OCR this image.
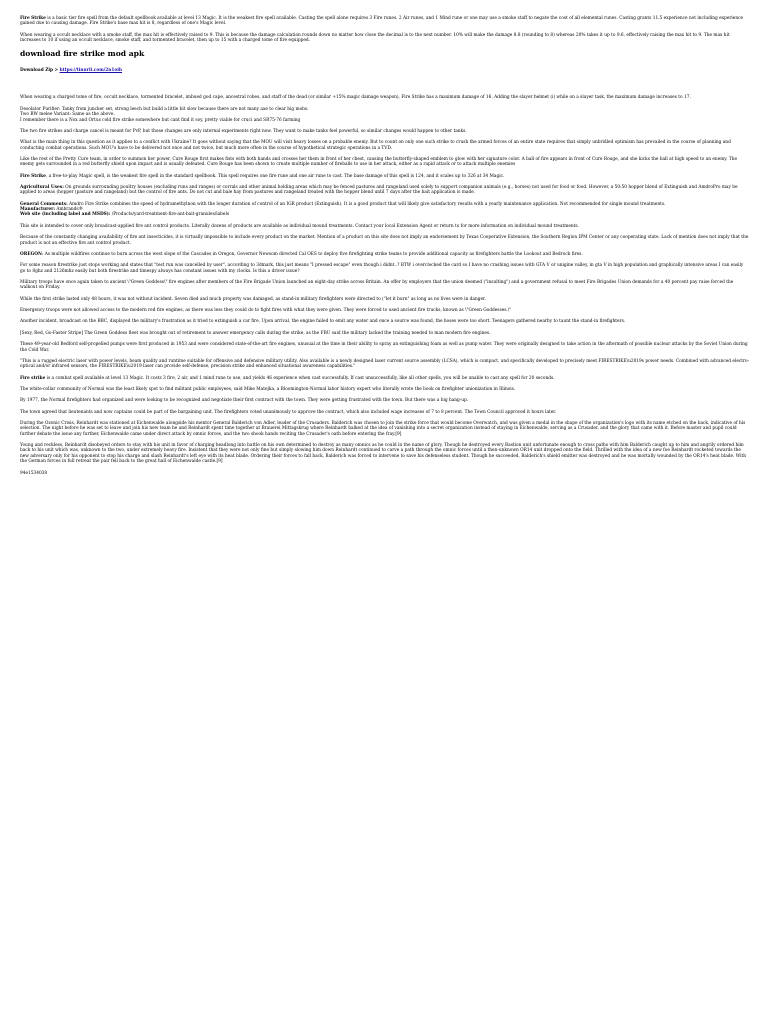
Fire Strike is a basic tier fire spell from the default spellbook available at level 13 Magic. It is the weakest fire spell available. Casting the spell alone requires 3 Fire runes, 2 Air runes, and 1 Mind rune or one may use a smoke staff to negate the cost of all elemental runes. Casting grants 11.5 experience not including experience gained due to causing damage. Fire Strike's base max hit is 8, regardless of one's Magic level.

When wearing a occult necklace with a smoke staff, the max hit is effectively raised to 9. This is because the damage calculation rounds down no matter how close the decimal is to the next number. 10% will make the damage 8.8 (rounding to 8) whereas 20% takes it up to 9.6, effectively raising the max hit to 9. The max hit increases to 10 if using an occult necklace, smoke staff, and tormented bracelet, then up to 15 with a charged tome of fire equipped.

download fire strike mod apk
Download Zip > https://tinurli.com/2n1oih

When wearing a charged tome of fire, occult necklace, tormented bracelet, imbued god cape, ancestral robes, and staff of the dead (or similar +15% magic damage weapon), Fire Strike has a maximum damage of 16. Adding the slayer helmet (i) while on a slayer task, the maximum damage increases to 17.

Desolator Purifier: Tanky from juncker set, strong leech but build a little bit slow because there are not many axe to clear big mobs.
Two BW melee Variant: Same as the above.
I remember there is a Nox and Ortus cold fire strike somewhere but cant find it soy, pretty viable for cruci and SR75-76 farming

The two fire strikes and charge cancel is meant for PvP, but those changes are only internal experiments right now. They want to make tanks feel powerful, so similar changes would happen to other tanks.

What is the main thing in this question as it applies to a conflict with Ukraine? It goes without saying that the MOU will visit heavy losses on a probable enemy. But to count on only one such strike to crush the armed forces of an entire state requires that simply unbridled optimism has prevailed in the course of planning and conducting combat operations. Such MOU's have to be delivered not once and not twice, but much more often in the course of hypothetical strategic operations in a TVD.

Like the rest of the Pretty Cure team, in order to summon her power, Cure Rouge first makes fists with both hands and crosses her them in front of her chest, causing the butterfly-shaped emblem to glow with her signature color. A ball of fire appears in front of Cure Rouge, and she kicks the ball at high speed to an enemy. The enemy gets surrounded in a red butterfly shield upon impact and is usually defeated. Cure Rouge has been shown to create multiple number of fireballs to use in her attack, either as a rapid attack or to attack multiple enemies

Fire Strike, a free-to-play Magic spell, is the weakest fire spell in the standard spellbook. This spell requires one fire rune and one air rune to cast. The base damage of this spell is 124, and it scales up to 326 at 34 Magic.

Agricultural Uses: On grounds surrounding poultry houses (excluding runs and ranges) or corrals and other animal holding areas which may be fenced pastures and rangeland used solely to support companion animals (e.g., horses) not used for food or food. However, a 50:50 hopper blend of Extinguish and AmdroPro may be applied to areas (hopper (pasture and rangeland) but the control of fire ants. Do not cut and bale hay from pastures and rangeland treated with the hopper blend until 7 days after the bait application is made.

General Comments: Amdro Fire Strike combines the speed of hydramethylnon with the longer duration of control of an IGR product (Extinguish). It is a good product that will likely give satisfactory results with a yearly maintenance application. Not recommended for single mound treatments.
Manufacturer: Ambrands®
Web site (including label and MSDS): /Products/yard-treatment-fire-ant-bait-granules/labels

This site is intended to cover only broadcast-applied fire ant control products. Literally dozens of products are available as individual mound treatments. Contact your local Extension Agent or return to for more information on individual mound treatments.

Because of the constantly changing availability of fire ant insecticides, it is virtually impossible to include every product on the market. Mention of a product on this site does not imply an endorsement by Texas Cooperative Extension, the Southern Region IPM Center or any cooperating state. Lack of mention does not imply that the product is not an effective fire ant control product.

OREGON: As multiple wildfires continue to burn across the west slope of the Cascades in Oregon, Governor Newsom directed Cal OES to deploy five firefighting strike teams to provide additional capacity as firefighters battle the Lookout and Bedrock fires.

For some reason firestrike just stops working and states that "test run was cancelled by user". according to 3dmark, this just means "I pressed escape" even though i didnt..? BTW i overclocked the card so I have no crashing issues with GTA V or unigine valley, in gta V in high population and graphically intensive areas I can easily go to 8ghz and 2126mhz easily but both firestrike and timespy always has constant issues with my clocks. Is this a driver issue?

Military troops have once again taken to ancient \"Green Goddess\" fire engines after members of the Fire Brigade Union launched an eight-day strike across Britain. An offer by employers that the union deemed ("insulting") and a government refusal to meet Fire Brigades Union demands for a 40 percent pay raise forced the walkout on Friday.

While the first strike lasted only 48 hours, it was not without incident. Seven died and much property was damaged, as stand-in military firefighters were directed to ("let it burn" as long as no lives were in danger.

Emergency troops were not allowed access to the modern red fire engines, as there was less they could do to fight fires with what they were given. They were forced to used ancient fire trucks, known as \"Green Goddesses.\"

Another incident, broadcast on the BBC, displayed the military's frustration as it tried to extinguish a car fire. Upon arrival, the engine failed to emit any water and once a source was found, the hoses were too short. Teenagers gathered nearby to taunt the stand-in firefighters.

[Sexy, Red, Go-Faster Stripe] The Green Goddess fleet was brought out of retirement to answer emergency calls during the strike, as the FBU said the military lacked the training needed to man modern fire engines.

These 49-year-old Bedford self-propelled pumps were first produced in 1953 and were considered state-of-the-art fire engines, unusual at the time in their ability to spray an extinguishing foam as well as pump water. They were originally designed to take action in the aftermath of possible nuclear attacks by the Soviet Union during the Cold War.

"This is a rugged electric laser with power levels, beam quality and runtime suitable for offensive and defensive military utility. Also available is a newly designed laser current source assembly (LCSA), which is compact, and specifically developed to precisely meet FIRESTRIKE\u2019s power needs. Combined with advanced electro-optical and/or infrared sensors, the FIRESTRIKE\u2019 laser can provide self-defense, precision strike and enhanced situational awareness capabilities."

Fire strike is a combat spell available at level 13 Magic. It costs 3 fire, 2 air, and 1 mind rune to use, and yields 46 experience when cast successfully. If cast unsuccessfully, like all other spells, you will be unable to cast any spell for 20 seconds.

The white-collar community of Normal was the least likely spot to find militant public employees, said Mike Matejka, a Bloomington-Normal labor history expert who literally wrote the book on firefighter unionization in Illinois.

By 1977, the Normal firefighters had organized and were looking to be recognized and negotiate their first contract with the town. They were getting frustrated with the town. But there was a big hang-up.

The town agreed that lieutenants and now captains could be part of the bargaining unit. The firefighters voted unanimously to approve the contract, which also included wage increases of 7 to 8 percent. The Town Council approved it hours later.

During the Ozonic Crisis, Reinhardt was stationed at Eichenwalde alongside his mentor General Balderich von Adler, leader of the Crusaders. Balderich was chosen to join the strike force that would become Overwatch, and was given a medal in the shape of the organization's logo with its name etched on the back, indicative of his selection. The night before he was set to leave and join his new team he and Reinhardt spent time together at Brauerei Mittagskrug where Reinhardt balked at the idea of vanishing into a secret organization instead of staying in Eichenwalde, serving as a Crusader, and the glory that came with it. Before master and pupil could further debate the issue any further, Eichenwalde came under direct attack by omnic forces, and the two shook hands reciting the Crusader's oath before entering the fray.[9]

Young and reckless, Reinhardt disobeyed orders to stay with his unit in favor of charging headlong into battle on his own determined to destroy as many omnics as he could in the name of glory. Though he destroyed every Bastion unit unfortunate enough to cross paths with him Balderich caught up to him and angrily ordered him back to his unit which was, unknown to the two, under extremely heavy fire. Insistent that they were not only fine but simply slowing him down Reinhardt continued to carve a path through the omnic forces until a then-unknown OR14 unit dropped onto the field. Thrilled with the idea of a new foe Reinhardt rocketed towards the new adversary only for his opponent to stop his charge and slash Reinhardt's left eye with its heat blade. Ordering their forces to fall back, Balderich was forced to intervene to save his defenseless student. Though he succeeded, Balderich's shield emitter was destroyed and he was mortally wounded by the OR14's heat blade. With the German forces in full retreat the pair fell back to the great hall of Eichenwalde castle.[9]

94e1534038
